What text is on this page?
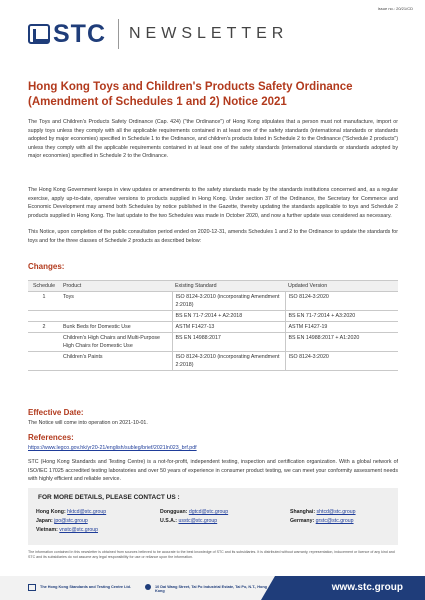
Issue no.: 20/21/CD
STC NEWSLETTER
Hong Kong Toys and Children's Products Safety Ordinance (Amendment of Schedules 1 and 2) Notice 2021

The Toys and Children's Products Safety Ordinance (Cap. 424) ("the Ordinance") of Hong Kong stipulates that a person must not manufacture, import or supply toys unless they comply with all the applicable requirements contained in at least one of the safety standards (international standards or standards adopted by major economies) specified in Schedule 1 to the Ordinance, and children's products listed in Schedule 2 to the Ordinance ("Schedule 2 products") unless they comply with all the applicable requirements contained in at least one of the safety standards (international standards or standards adopted by major economies) specified in Schedule 2 to the Ordinance.

The Hong Kong Government keeps in view updates or amendments to the safety standards made by the standards institutions concerned and, as a regular exercise, apply up-to-date, operative versions to products supplied in Hong Kong. Under section 37 of the Ordinance, the Secretary for Commerce and Economic Development may amend both Schedules by notice published in the Gazette, thereby updating the standards applicable to toys and Schedule 2 products supplied in Hong Kong. The last update to the two Schedules was made in October 2020, and now a further update was considered as necessary.

This Notice, upon completion of the public consultation period ended on 2020-12-31, amends Schedules 1 and 2 to the Ordinance to update the standards for toys and for the three classes of Schedule 2 products as described below:

Changes:
Schedule	Product	Existing Standard	Updated Version
1	Toys	ISO 8124-3:2010 (incorporating Amendment 2:2018)	ISO 8124-3:2020
		BS EN 71-7:2014 + A2:2018	BS EN 71-7:2014 + A3:2020
2	Bunk Beds for Domestic Use	ASTM F1427-13	ASTM F1427-19
	Children's High Chairs and Multi-Purpose High Chairs for Domestic Use	BS EN 14988:2017	BS EN 14988:2017 + A1:2020
	Children's Paints	ISO 8124-3:2010 (incorporating Amendment 2:2018)	ISO 8124-3:2020
Effective Date:

The Notice will come into operation on 2021-10-01.

References:
https://www.legco.gov.hk/yr20-21/english/subleg/brief/2021ln023_brf.pdf

STC (Hong Kong Standards and Testing Centre) is a not-for-profit, independent testing, inspection and certification organization. With a global network of ISO/IEC 17025 accredited testing laboratories and over 50 years of experience in consumer product testing, we can meet your conformity assessment needs with highly efficient and reliable service.

FOR MORE DETAILS, PLEASE CONTACT US :
Hong Kong: hktcd@stc.group	Dongguan: dgtcd@stc.group	Shanghai: shtcd@stc.group
Japan: jpo@stc.group	U.S.A.: usstc@stc.group	Germany: grstc@stc.group
Vietnam: vnstc@stc.group

The information contained in this newsletter is obtained from sources believed to be accurate to the best knowledge of STC and its subsidiaries. It is distributed without warranty, representation, inducement or licence of any kind and STC and its subsidiaries do not assume any legal responsibility for use or reliance upon the information.

The Hong Kong Standards and Testing Centre Ltd.	10 Dai Wang Street, Tai Po Industrial Estate, Tai Po, N.T., Hong Kong	www.stc.group
